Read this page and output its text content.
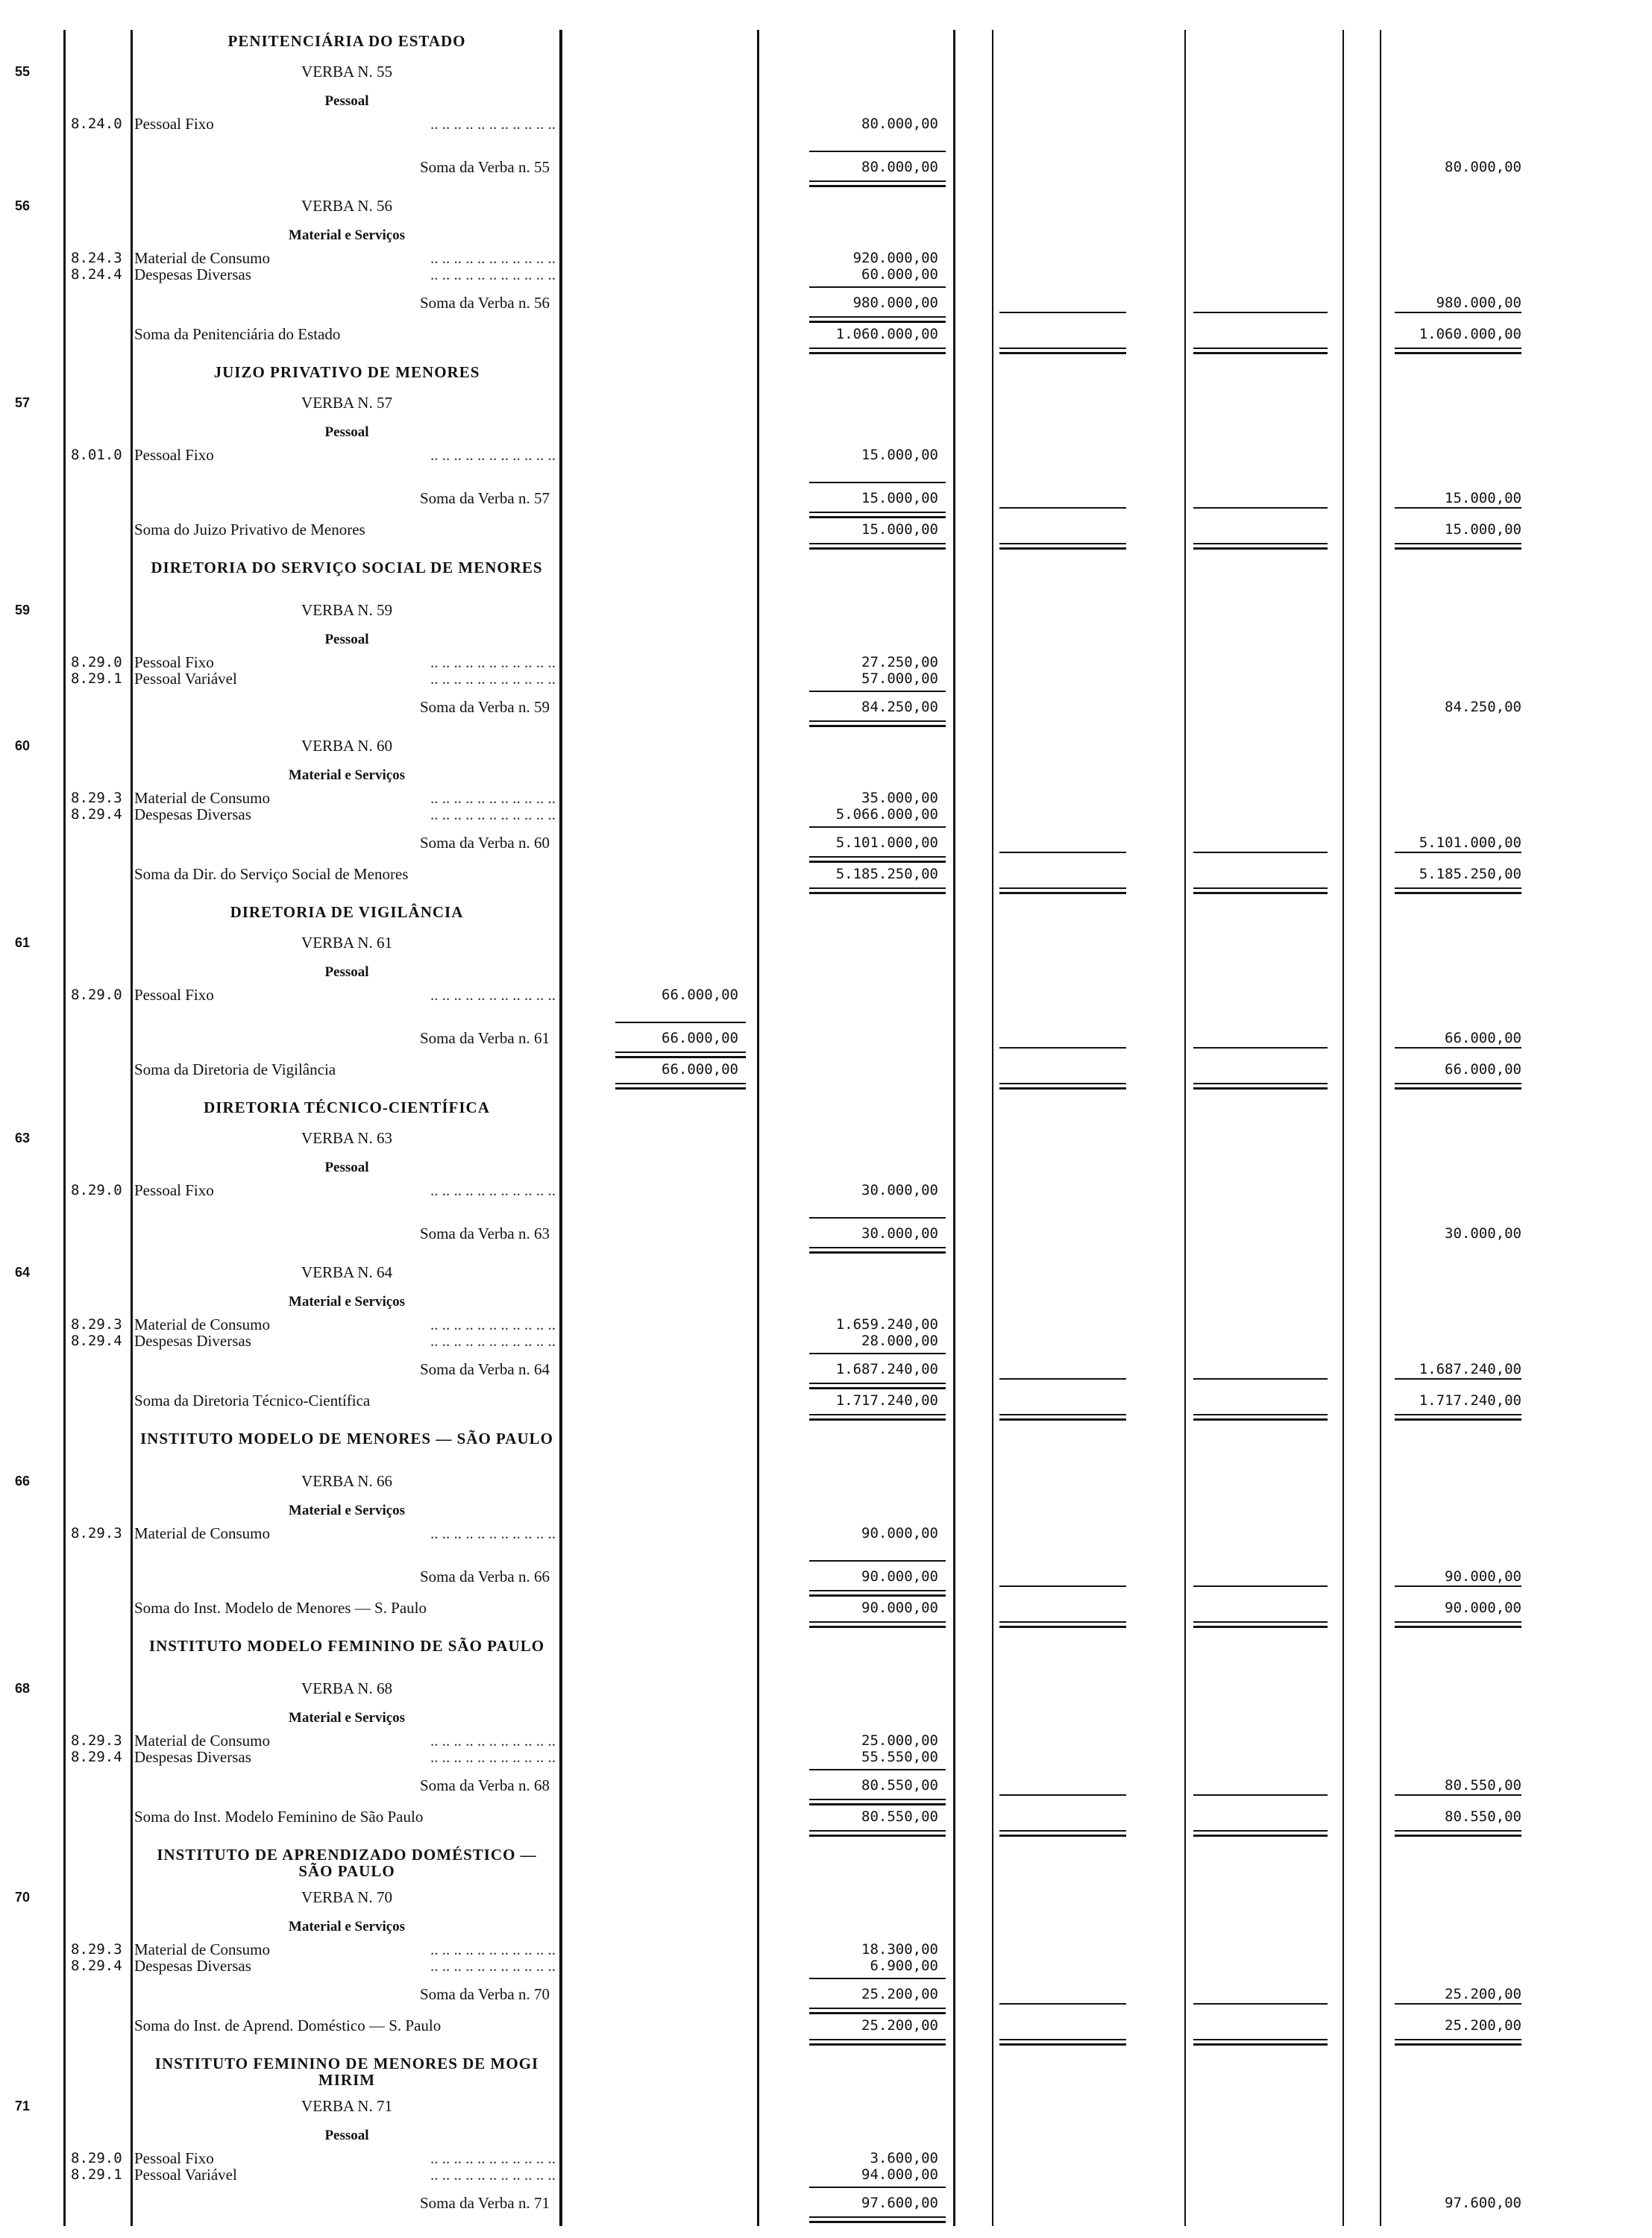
PENITENCIÁRIA DO ESTADO
55	VERBA N. 55
Pessoal
8.24.0 Pessoal Fixo	.. .. .. .. .. .. .. .. .. .. ..	80.000,00
Soma da Verba n. 55	80.000,00	80.000,00
56	VERBA N. 56
Material e Serviços
8.24.3 Material de Consumo	.. .. .. .. .. .. .. .. .. .. ..	920.000,00
8.24.4 Despesas Diversas	.. .. .. .. .. .. .. .. .. .. ..	60.000,00
Soma da Verba n. 56	980.000,00	980.000,00
Soma da Penitenciária do Estado	1.060.000,00	1.060.000,00
JUIZO PRIVATIVO DE MENORES
57	VERBA N. 57
Pessoal
8.01.0 Pessoal Fixo	.. .. .. .. .. .. .. .. .. .. ..	15.000,00
Soma da Verba n. 57	15.000,00	15.000,00
Soma do Juizo Privativo de Menores	15.000,00	15.000,00
DIRETORIA DO SERVIÇO SOCIAL DE MENORES
59	VERBA N. 59
Pessoal
8.29.0 Pessoal Fixo	.. .. .. .. .. .. .. .. .. .. ..	27.250,00
8.29.1 Pessoal Variável	.. .. .. .. .. .. .. .. .. .. ..	57.000,00
Soma da Verba n. 59	84.250,00	84.250,00
60	VERBA N. 60
Material e Serviços
8.29.3 Material de Consumo	.. .. .. .. .. .. .. .. .. .. ..	35.000,00
8.29.4 Despesas Diversas	.. .. .. .. .. .. .. .. .. .. ..	5.066.000,00
Soma da Verba n. 60	5.101.000,00	5.101.000,00
Soma da Dir. do Serviço Social de Menores	5.185.250,00	5.185.250,00
DIRETORIA DE VIGILÂNCIA
61	VERBA N. 61
Pessoal
8.29.0 Pessoal Fixo	.. .. .. .. .. .. .. .. .. .. ..	66.000,00
Soma da Verba n. 61	66.000,00	66.000,00
Soma da Diretoria de Vigilância	66.000,00	66.000,00
DIRETORIA TÉCNICO-CIENTÍFICA
63	VERBA N. 63
Pessoal
8.29.0 Pessoal Fixo	.. .. .. .. .. .. .. .. .. .. ..	30.000,00
Soma da Verba n. 63	30.000,00	30.000,00
64	VERBA N. 64
Material e Serviços
8.29.3 Material de Consumo	.. .. .. .. .. .. .. .. .. .. ..	1.659.240,00
8.29.4 Despesas Diversas	.. .. .. .. .. .. .. .. .. .. ..	28.000,00
Soma da Verba n. 64	1.687.240,00	1.687.240,00
Soma da Diretoria Técnico-Científica	1.717.240,00	1.717.240,00
INSTITUTO MODELO DE MENORES — SÃO PAULO
66	VERBA N. 66
Material e Serviços
8.29.3 Material de Consumo	.. .. .. .. .. .. .. .. .. .. ..	90.000,00
Soma da Verba n. 66	90.000,00	90.000,00
Soma do Inst. Modelo de Menores — S. Paulo	90.000,00	90.000,00
INSTITUTO MODELO FEMININO DE SÃO PAULO
68	VERBA N. 68
Material e Serviços
8.29.3 Material de Consumo	.. .. .. .. .. .. .. .. .. .. ..	25.000,00
8.29.4 Despesas Diversas	.. .. .. .. .. .. .. .. .. .. ..	55.550,00
Soma da Verba n. 68	80.550,00	80.550,00
Soma do Inst. Modelo Feminino de São Paulo	80.550,00	80.550,00
INSTITUTO DE APRENDIZADO DOMÉSTICO — SÃO PAULO
70	VERBA N. 70
Material e Serviços
8.29.3 Material de Consumo	.. .. .. .. .. .. .. .. .. .. ..	18.300,00
8.29.4 Despesas Diversas	.. .. .. .. .. .. .. .. .. .. ..	6.900,00
Soma da Verba n. 70	25.200,00	25.200,00
Soma do Inst. de Aprend. Doméstico — S. Paulo	25.200,00	25.200,00
INSTITUTO FEMININO DE MENORES DE MOGI MIRIM
71	VERBA N. 71
Pessoal
8.29.0 Pessoal Fixo	.. .. .. .. .. .. .. .. .. .. ..	3.600,00
8.29.1 Pessoal Variável	.. .. .. .. .. .. .. .. .. .. ..	94.000,00
Soma da Verba n. 71	97.600,00	97.600,00
